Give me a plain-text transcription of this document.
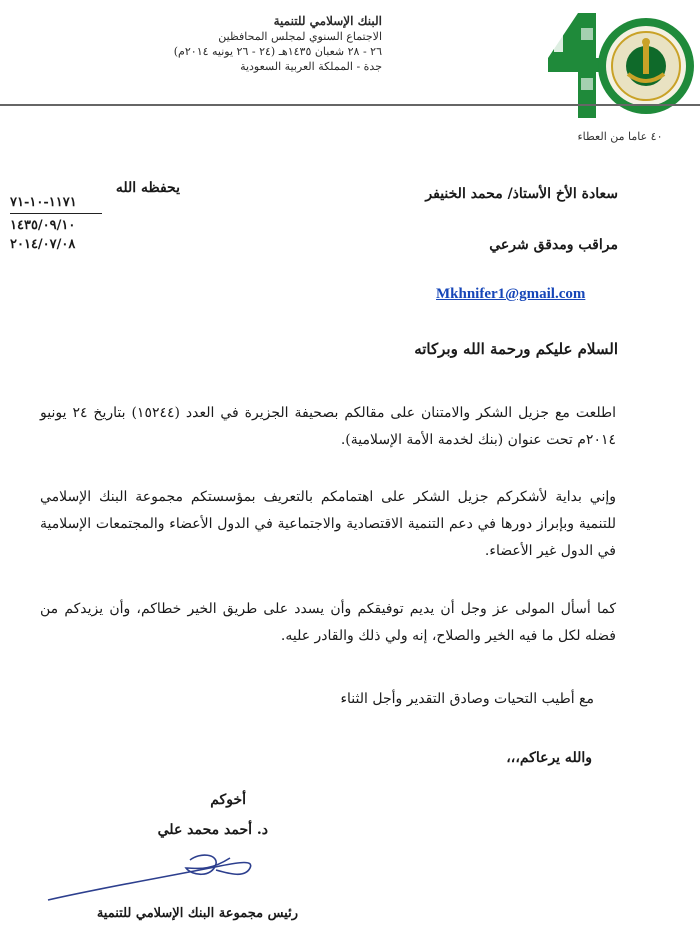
البنك الإسلامي للتنمية
الاجتماع السنوي لمجلس المحافظين
٢٦ - ٢٨ شعبان ١٤٣٥هـ (٢٤ - ٢٦ يونيه ٢٠١٤م)
جدة - المملكة العربية السعودية
٤٠ عاما من العطاء
١١٧١-١٠-٧١
١٤٣٥/٠٩/١٠
٢٠١٤/٠٧/٠٨
سعادة الأخ الأستاذ/ محمد الخنيفر
يحفظه الله
مراقب ومدقق شرعي
Mkhnifer1@gmail.com
السلام عليكم ورحمة الله وبركاته
اطلعت مع جزيل الشكر والامتنان على مقالكم بصحيفة الجزيرة في العدد (١٥٢٤٤) بتاريخ ٢٤ يونيو ٢٠١٤م تحت عنوان (بنك لخدمة الأمة الإسلامية).
وإني بداية لأشكركم جزيل الشكر على اهتمامكم بالتعريف بمؤسستكم مجموعة البنك الإسلامي للتنمية وبإبراز دورها في دعم التنمية الاقتصادية والاجتماعية في الدول الأعضاء والمجتمعات الإسلامية في الدول غير الأعضاء.
كما أسأل المولى عز وجل أن يديم توفيقكم وأن يسدد على طريق الخير خطاكم، وأن يزيدكم من فضله لكل ما فيه الخير والصلاح، إنه ولي ذلك والقادر عليه.
مع أطيب التحيات وصادق التقدير وأجل الثناء
والله يرعاكم،،،
أخوكم
د. أحمد محمد علي
رئيس مجموعة البنك الإسلامي للتنمية
